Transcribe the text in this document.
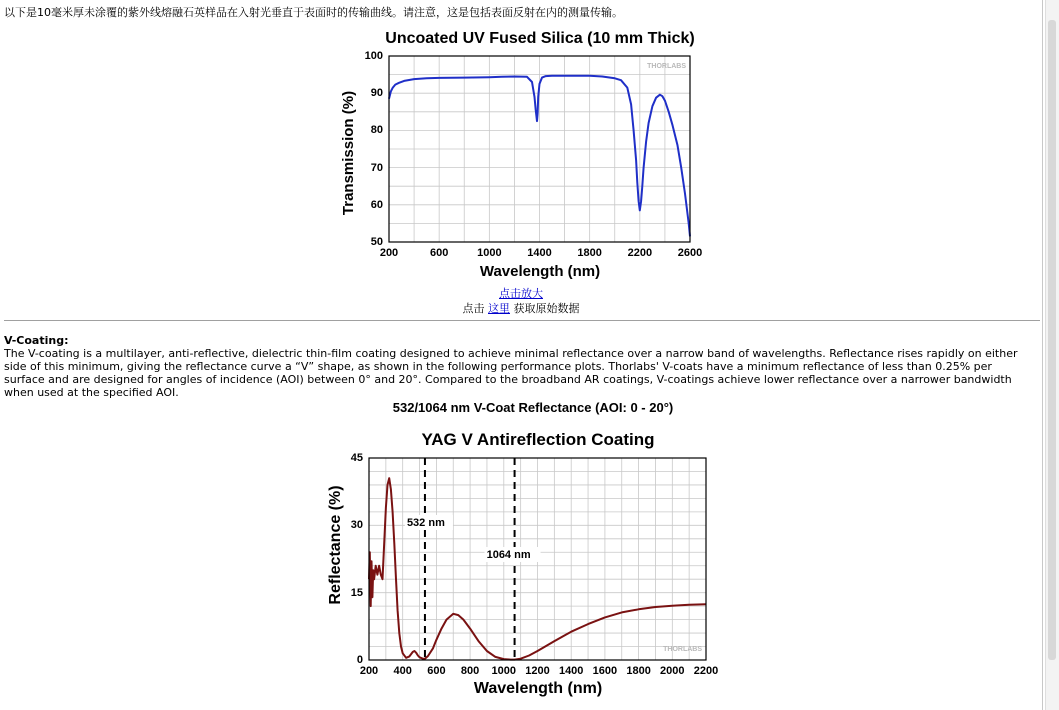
以下是10毫米厚未涂覆的紫外线熔融石英样品在入射光垂直于表面时的传输曲线。请注意，这是包括表面反射在内的测量传输。
Uncoated UV Fused Silica (10 mm Thick)
Transmission (%)
Wavelength (nm)
THORLABS
200	600	1000 1400 1800 2200 2600
50
60
70
80
90
100
点击放大
点击 这里 获取原始数据
V-Coating:
The V-coating is a multilayer, anti-reflective, dielectric thin-film coating designed to achieve minimal reflectance over a narrow band of wavelengths. Reflectance rises rapidly on either side of this minimum, giving the reflectance curve a “V” shape, as shown in the following performance plots. Thorlabs' V-coats have a minimum reflectance of less than 0.25% per surface and are designed for angles of incidence (AOI) between 0° and 20°. Compared to the broadband AR coatings, V-coatings achieve lower reflectance over a narrower bandwidth when used at the specified AOI.
532/1064 nm V-Coat Reflectance (AOI: 0 - 20°)
YAG V Antireflection Coating
Reflectance (%)
Wavelength (nm)
THORLABS
532 nm
1064 nm
200 400 600 800 1000 1200 1400 1600 1800 2000 2200
0
15
30
45
